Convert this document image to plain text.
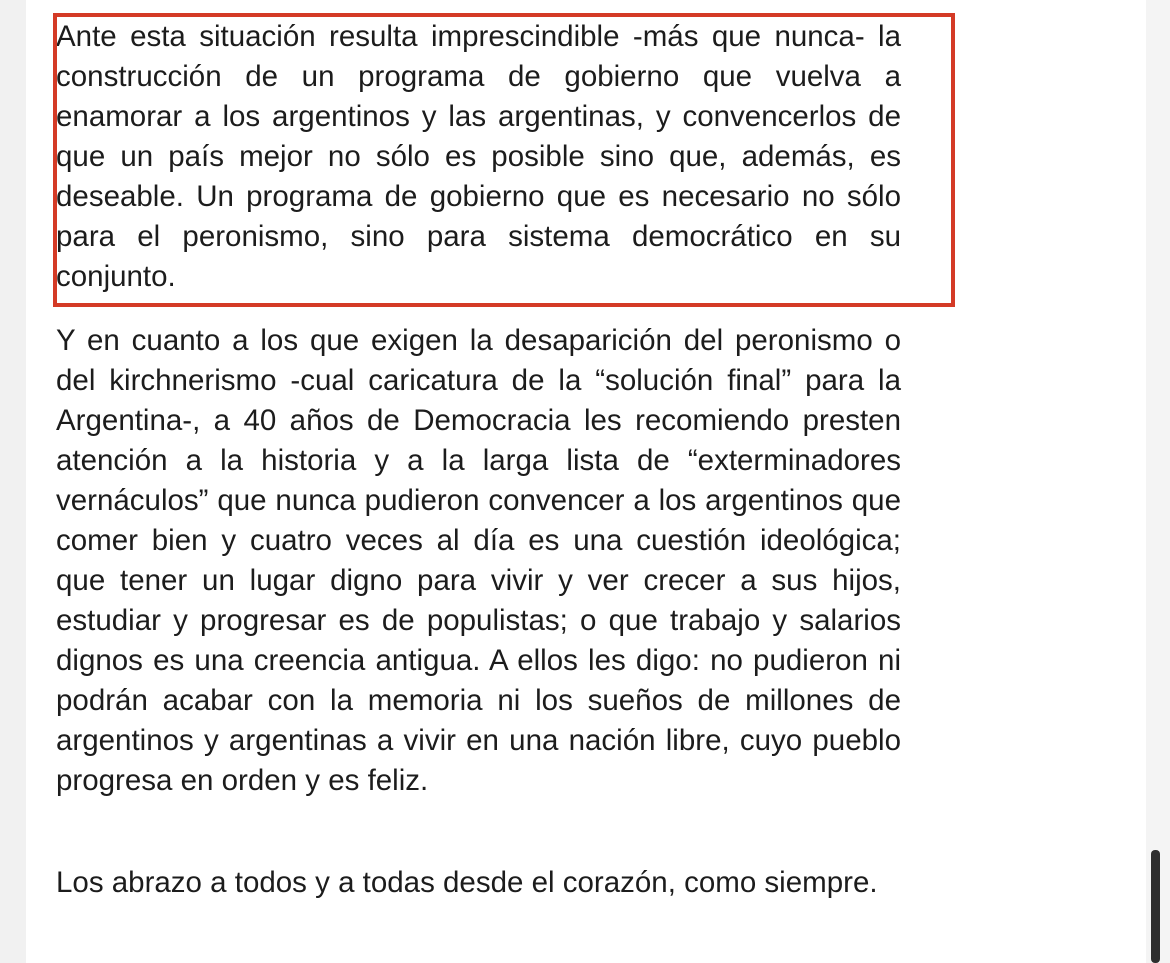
Ante esta situación resulta imprescindible -más que nunca- la construcción de un programa de gobierno que vuelva a enamorar a los argentinos y las argentinas, y convencerlos de que un país mejor no sólo es posible sino que, además, es deseable. Un programa de gobierno que es necesario no sólo para el peronismo, sino para sistema democrático en su conjunto.
Y en cuanto a los que exigen la desaparición del peronismo o del kirchnerismo -cual caricatura de la “solución final” para la Argentina-, a 40 años de Democracia les recomiendo presten atención a la historia y a la larga lista de “exterminadores vernáculos” que nunca pudieron convencer a los argentinos que comer bien y cuatro veces al día es una cuestión ideológica; que tener un lugar digno para vivir y ver crecer a sus hijos, estudiar y progresar es de populistas; o que trabajo y salarios dignos es una creencia antigua. A ellos les digo: no pudieron ni podrán acabar con la memoria ni los sueños de millones de argentinos y argentinas a vivir en una nación libre, cuyo pueblo progresa en orden y es feliz.
Los abrazo a todos y a todas desde el corazón, como siempre.
